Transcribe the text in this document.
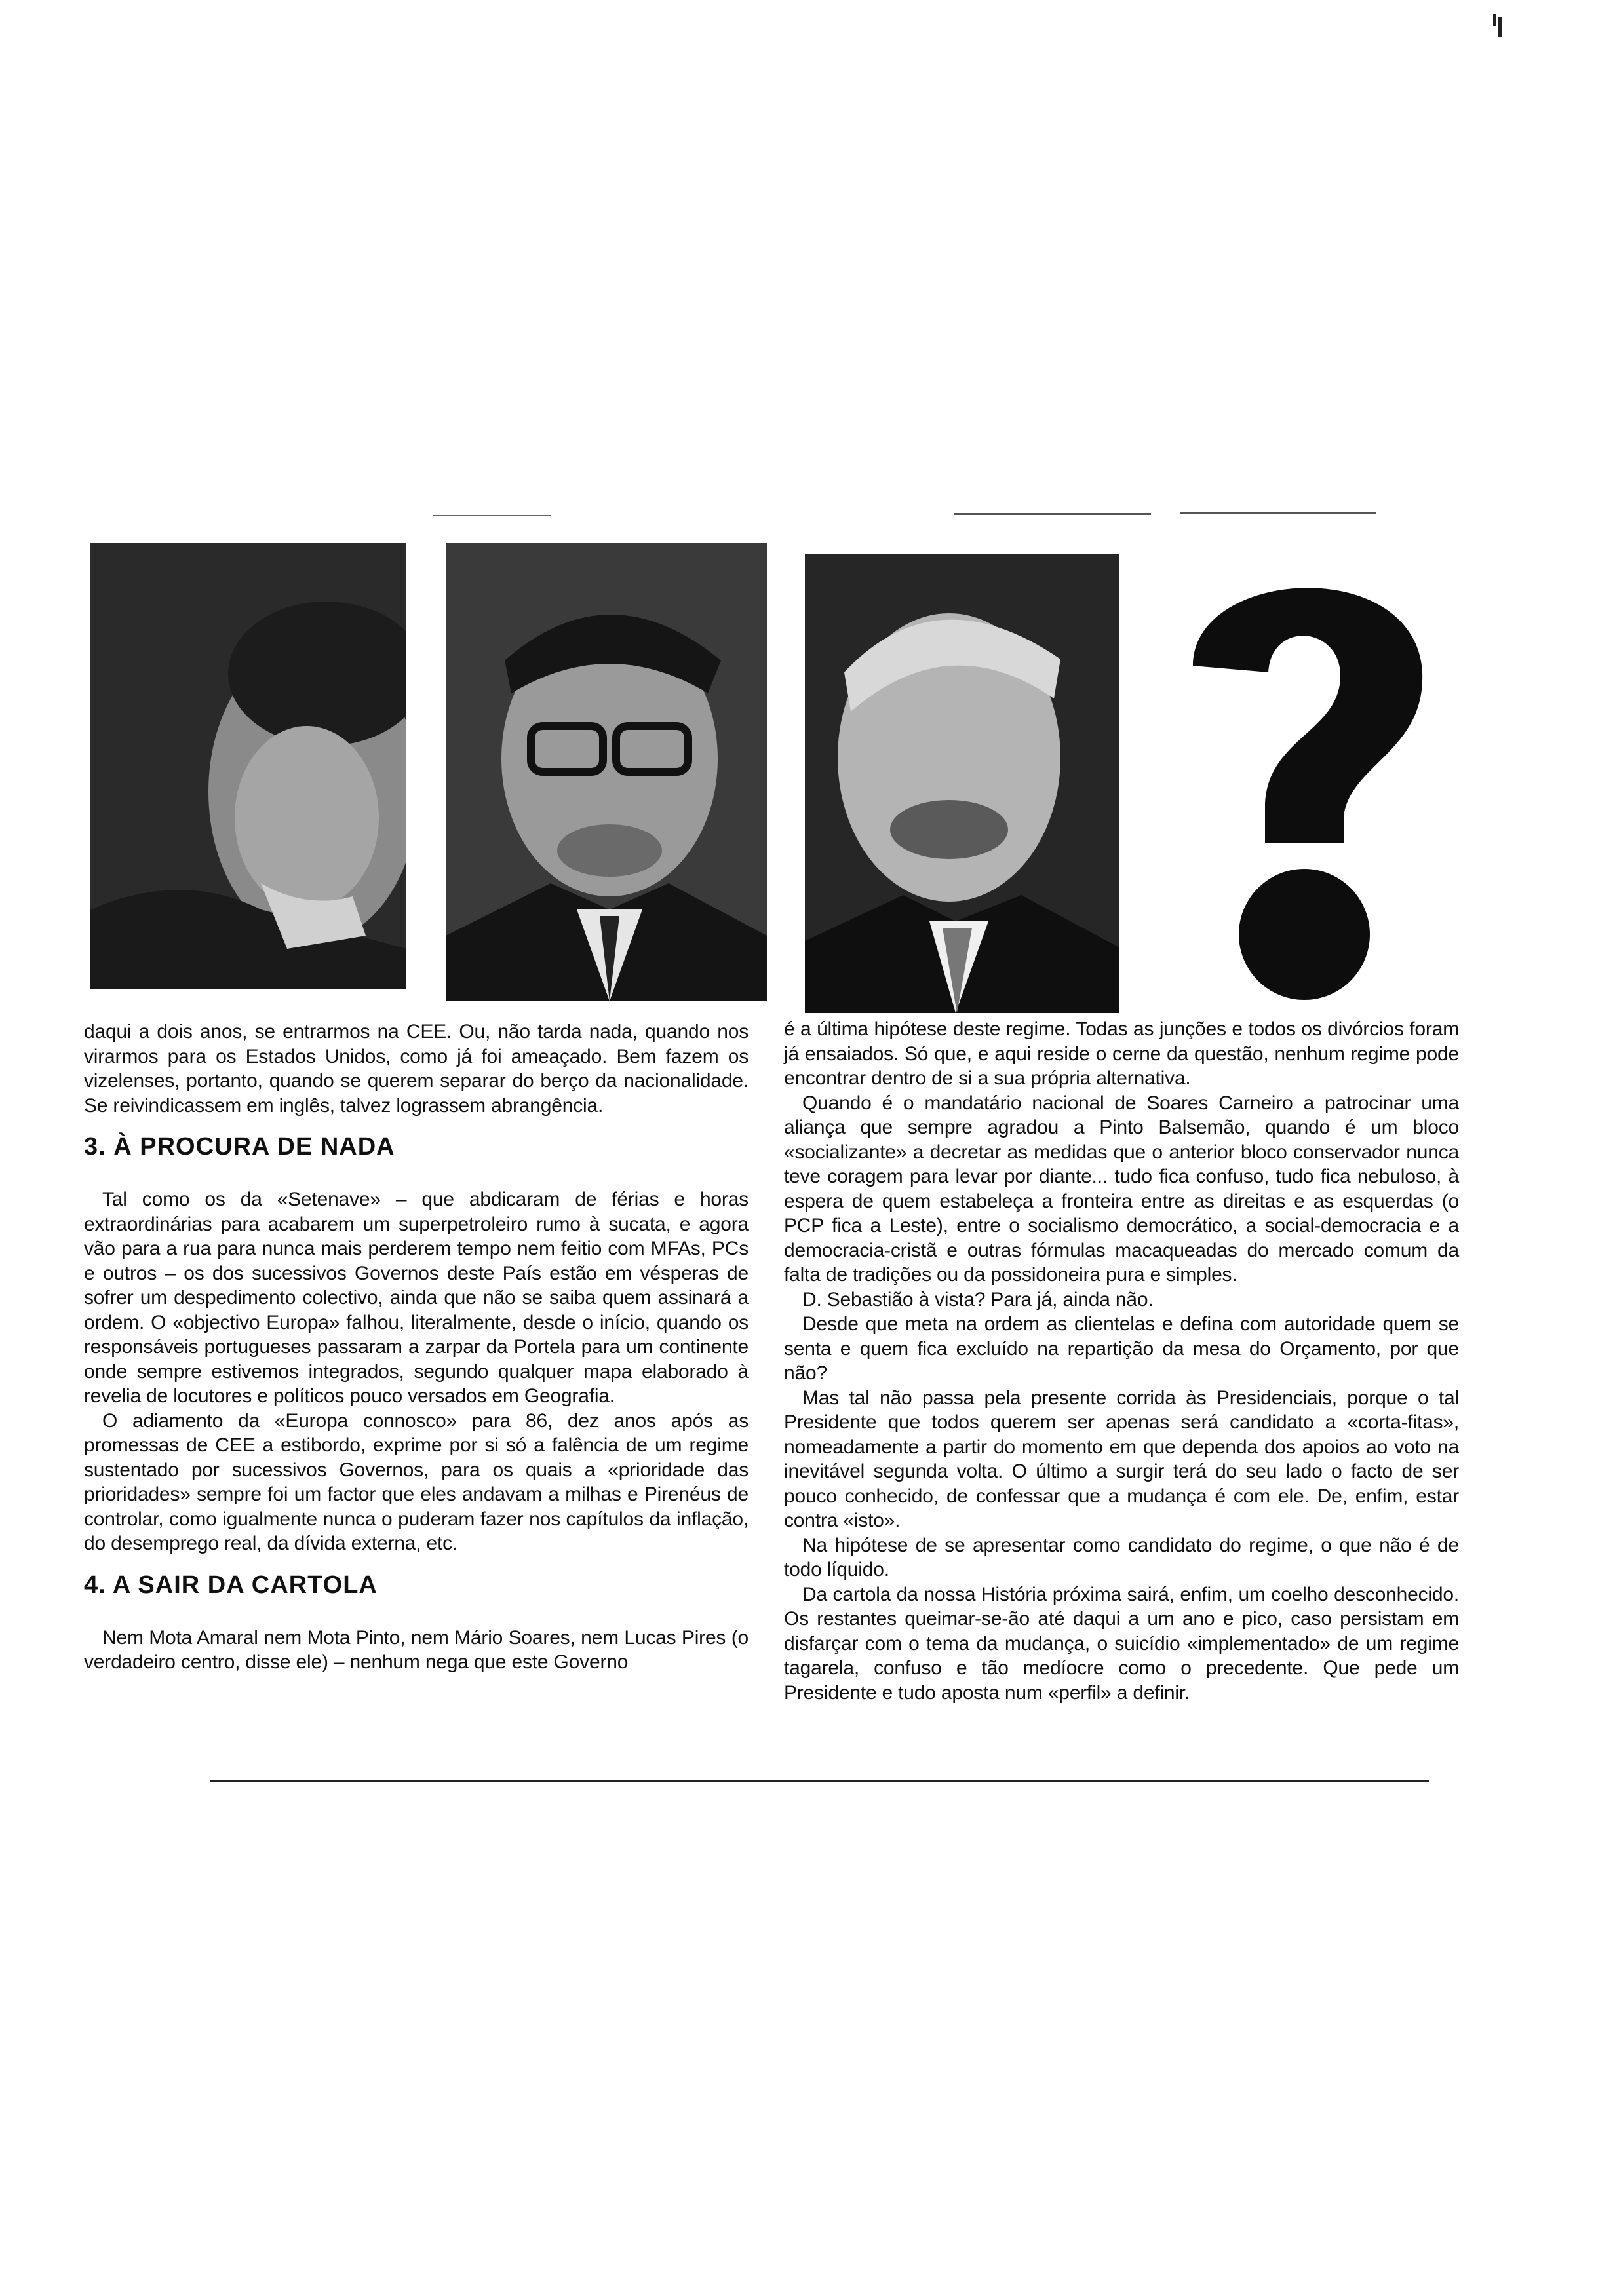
daqui a dois anos, se entrarmos na CEE. Ou, não tarda nada, quando nos virarmos para os Estados Unidos, como já foi ameaçado. Bem fazem os vizelenses, portanto, quando se querem separar do berço da nacionalidade. Se reivindicassem em inglês, talvez lograssem abrangência.

3. À PROCURA DE NADA

Tal como os da «Setenave» – que abdicaram de férias e horas extraordinárias para acabarem um superpetroleiro rumo à sucata, e agora vão para a rua para nunca mais perderem tempo nem feitio com MFAs, PCs e outros – os dos sucessivos Governos deste País estão em vésperas de sofrer um despedimento colectivo, ainda que não se saiba quem assinará a ordem. O «objectivo Europa» falhou, literalmente, desde o início, quando os responsáveis portugueses passaram a zarpar da Portela para um continente onde sempre estivemos integrados, segundo qualquer mapa elaborado à revelia de locutores e políticos pouco versados em Geografia.

O adiamento da «Europa connosco» para 86, dez anos após as promessas de CEE a estibordo, exprime por si só a falência de um regime sustentado por sucessivos Governos, para os quais a «prioridade das prioridades» sempre foi um factor que eles andavam a milhas e Pirenéus de controlar, como igualmente nunca o puderam fazer nos capítulos da inflação, do desemprego real, da dívida externa, etc.

4. A SAIR DA CARTOLA

Nem Mota Amaral nem Mota Pinto, nem Mário Soares, nem Lucas Pires (o verdadeiro centro, disse ele) – nenhum nega que este Governo

é a última hipótese deste regime. Todas as junções e todos os divórcios foram já ensaiados. Só que, e aqui reside o cerne da questão, nenhum regime pode encontrar dentro de si a sua própria alternativa.

Quando é o mandatário nacional de Soares Carneiro a patrocinar uma aliança que sempre agradou a Pinto Balsemão, quando é um bloco «socializante» a decretar as medidas que o anterior bloco conservador nunca teve coragem para levar por diante... tudo fica confuso, tudo fica nebuloso, à espera de quem estabeleça a fronteira entre as direitas e as esquerdas (o PCP fica a Leste), entre o socialismo democrático, a social-democracia e a democracia-cristã e outras fórmulas macaqueadas do mercado comum da falta de tradições ou da possidoneira pura e simples.

D. Sebastião à vista? Para já, ainda não.

Desde que meta na ordem as clientelas e defina com autoridade quem se senta e quem fica excluído na repartição da mesa do Orçamento, por que não?

Mas tal não passa pela presente corrida às Presidenciais, porque o tal Presidente que todos querem ser apenas será candidato a «corta-fitas», nomeadamente a partir do momento em que dependa dos apoios ao voto na inevitável segunda volta. O último a surgir terá do seu lado o facto de ser pouco conhecido, de confessar que a mudança é com ele. De, enfim, estar contra «isto».

Na hipótese de se apresentar como candidato do regime, o que não é de todo líquido.

Da cartola da nossa História próxima sairá, enfim, um coelho desconhecido. Os restantes queimar-se-ão até daqui a um ano e pico, caso persistam em disfarçar com o tema da mudança, o suicídio «implementado» de um regime tagarela, confuso e tão medíocre como o precedente. Que pede um Presidente e tudo aposta num «perfil» a definir.
